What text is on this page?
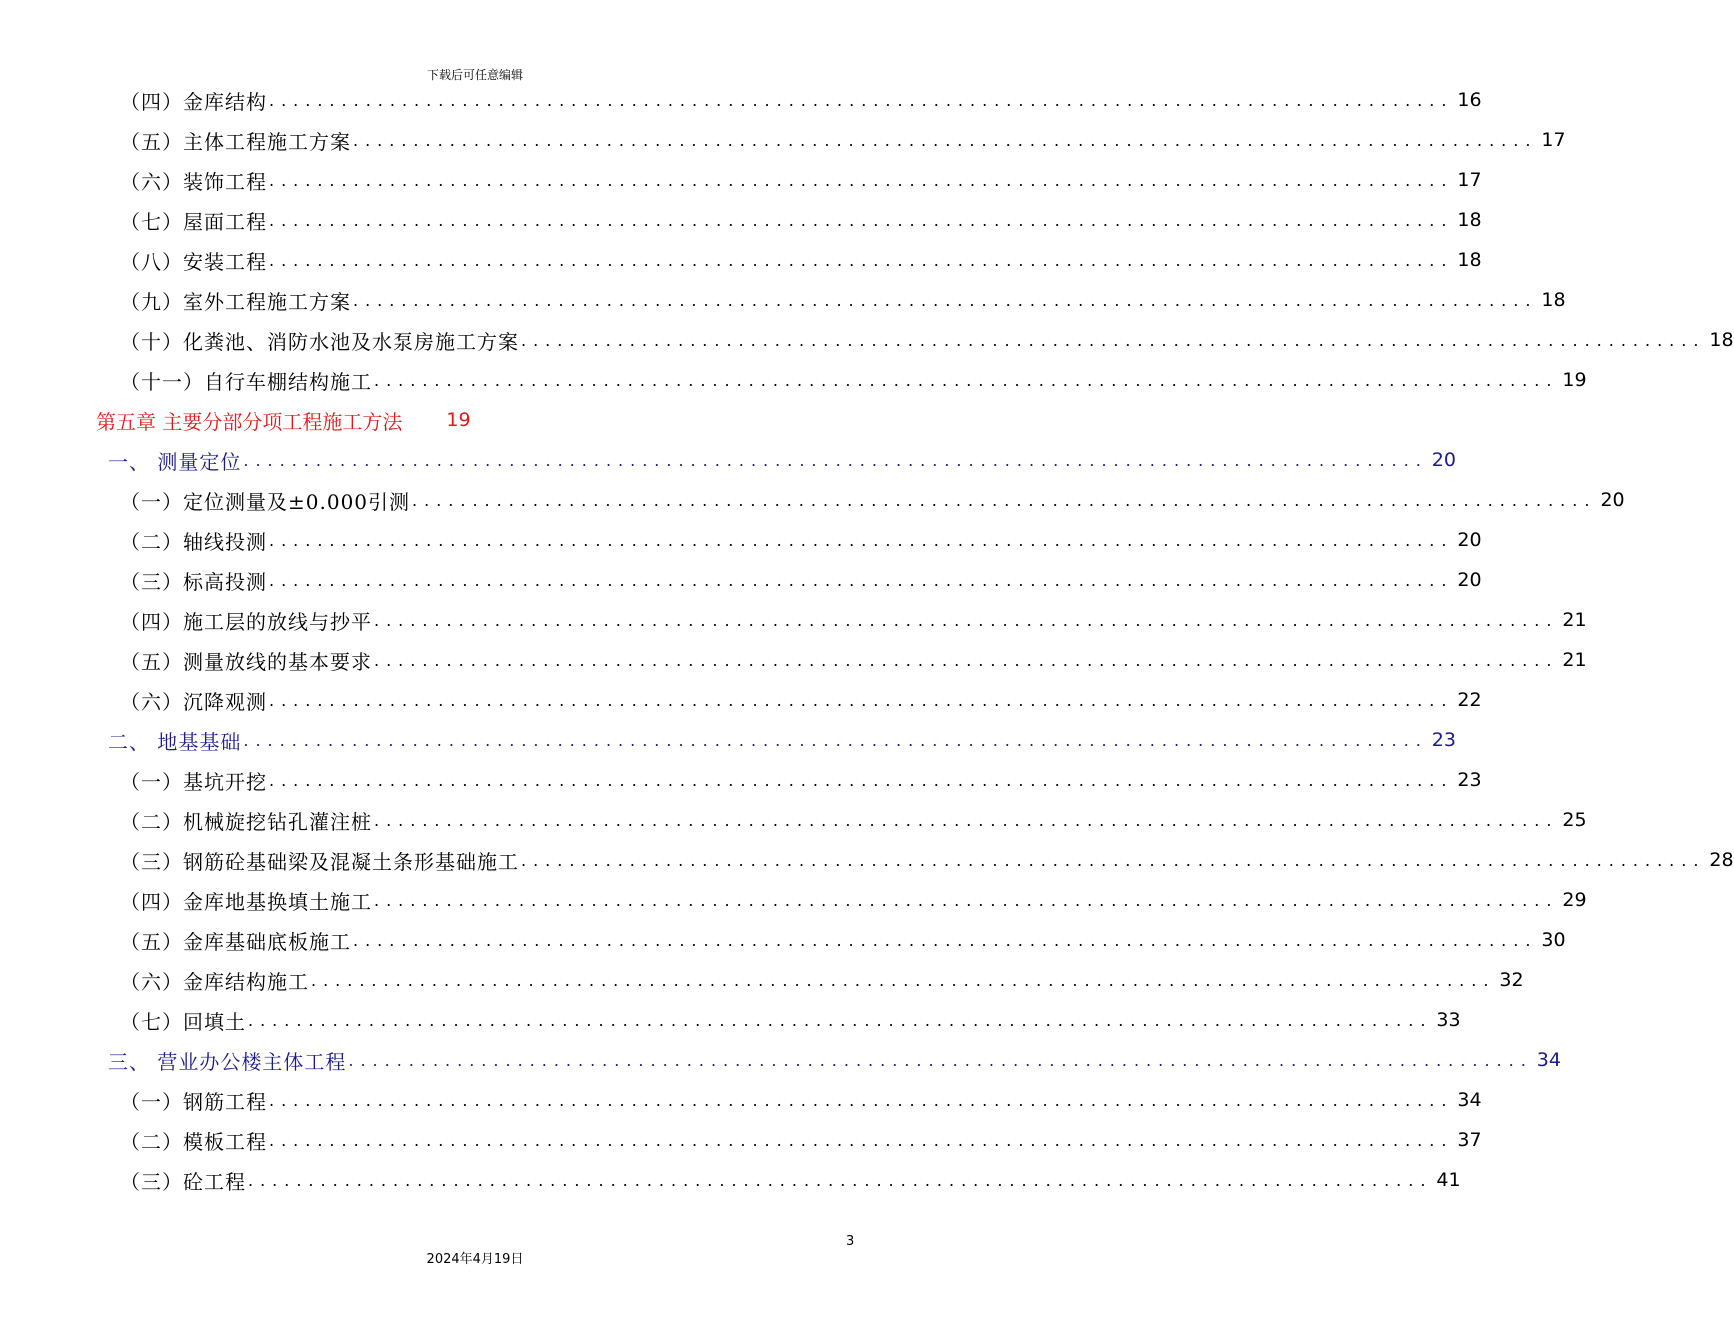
下载后可任意编辑
（四）金库结构 .................................................................................................. 16
（五）主体工程施工方案 .................................................................................................. 17
（六）装饰工程 .................................................................................................. 17
（七）屋面工程 .................................................................................................. 18
（八）安装工程 .................................................................................................. 18
（九）室外工程施工方案 .................................................................................................. 18
（十）化粪池、消防水池及水泵房施工方案 .................................................................................................. 18
（十一）自行车棚结构施工 .................................................................................................. 19
第五章 主要分部分项工程施工方法 19
一、 测量定位 .................................................................................................. 20
（一）定位测量及±0.000引测 .................................................................................................. 20
（二）轴线投测 .................................................................................................. 20
（三）标高投测 .................................................................................................. 20
（四）施工层的放线与抄平 .................................................................................................. 21
（五）测量放线的基本要求 .................................................................................................. 21
（六）沉降观测 .................................................................................................. 22
二、 地基基础 .................................................................................................. 23
（一）基坑开挖 .................................................................................................. 23
（二）机械旋挖钻孔灌注桩 .................................................................................................. 25
（三）钢筋砼基础梁及混凝土条形基础施工 .................................................................................................. 28
（四）金库地基换填土施工 .................................................................................................. 29
（五）金库基础底板施工 .................................................................................................. 30
（六）金库结构施工 .................................................................................................. 32
（七）回填土 .................................................................................................. 33
三、 营业办公楼主体工程 .................................................................................................. 34
（一）钢筋工程 .................................................................................................. 34
（二）模板工程 .................................................................................................. 37
（三）砼工程 .................................................................................................. 41
3
2024年4月19日
